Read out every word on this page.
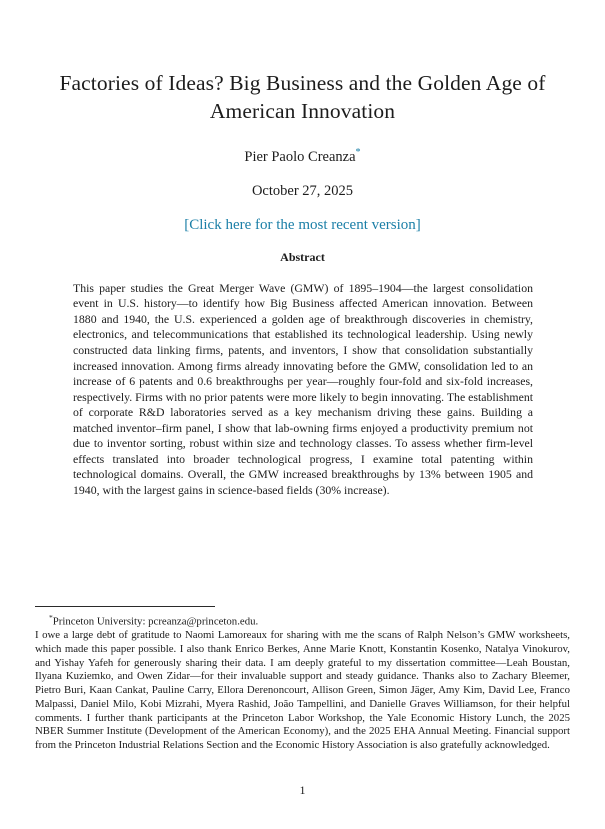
Factories of Ideas? Big Business and the Golden Age of American Innovation
Pier Paolo Creanza*
October 27, 2025
[Click here for the most recent version]
Abstract

This paper studies the Great Merger Wave (GMW) of 1895–1904—the largest consolidation event in U.S. history—to identify how Big Business affected American innovation. Between 1880 and 1940, the U.S. experienced a golden age of breakthrough discoveries in chemistry, electronics, and telecommunications that established its technological leadership. Using newly constructed data linking firms, patents, and inventors, I show that consolidation substantially increased innovation. Among firms already innovating before the GMW, consolidation led to an increase of 6 patents and 0.6 breakthroughs per year—roughly four-fold and six-fold increases, respectively. Firms with no prior patents were more likely to begin innovating. The establishment of corporate R&D laboratories served as a key mechanism driving these gains. Building a matched inventor–firm panel, I show that lab-owning firms enjoyed a productivity premium not due to inventor sorting, robust within size and technology classes. To assess whether firm-level effects translated into broader technological progress, I examine total patenting within technological domains. Overall, the GMW increased breakthroughs by 13% between 1905 and 1940, with the largest gains in science-based fields (30% increase).

*Princeton University: pcreanza@princeton.edu.

I owe a large debt of gratitude to Naomi Lamoreaux for sharing with me the scans of Ralph Nelson’s GMW worksheets, which made this paper possible. I also thank Enrico Berkes, Anne Marie Knott, Konstantin Kosenko, Natalya Vinokurov, and Yishay Yafeh for generously sharing their data. I am deeply grateful to my dissertation committee—Leah Boustan, Ilyana Kuziemko, and Owen Zidar—for their invaluable support and steady guidance. Thanks also to Zachary Bleemer, Pietro Buri, Kaan Cankat, Pauline Carry, Ellora Derenoncourt, Allison Green, Simon Jäger, Amy Kim, David Lee, Franco Malpassi, Daniel Milo, Kobi Mizrahi, Myera Rashid, João Tampellini, and Danielle Graves Williamson, for their helpful comments. I further thank participants at the Princeton Labor Workshop, the Yale Economic History Lunch, the 2025 NBER Summer Institute (Development of the American Economy), and the 2025 EHA Annual Meeting. Financial support from the Princeton Industrial Relations Section and the Economic History Association is also gratefully acknowledged.

1
